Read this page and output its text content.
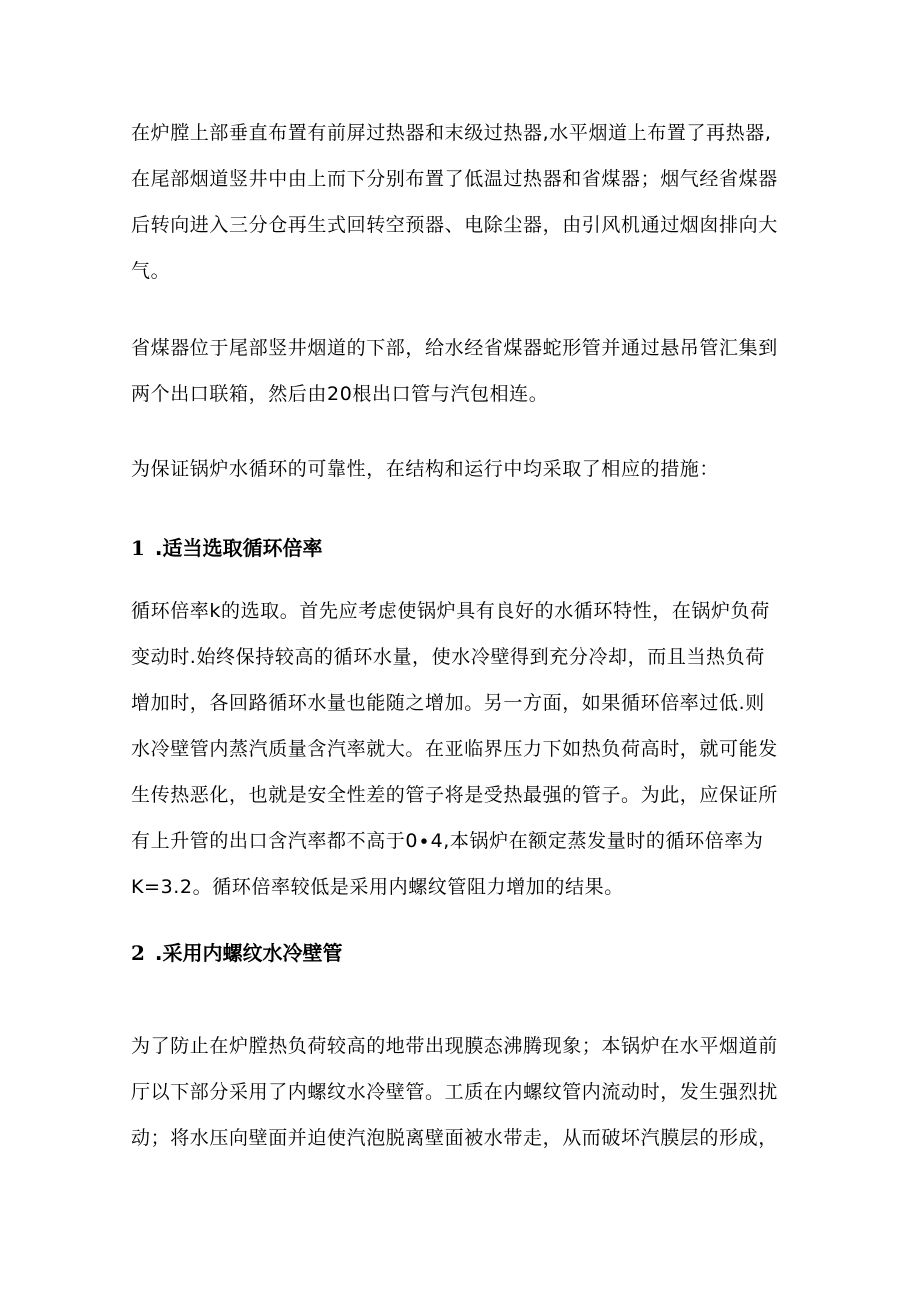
在炉膛上部垂直布置有前屏过热器和末级过热器,水平烟道上布置了再热器,
在尾部烟道竖井中由上而下分别布置了低温过热器和省煤器；烟气经省煤器
后转向进入三分仓再生式回转空预器、电除尘器，由引风机通过烟囱排向大
气。

省煤器位于尾部竖井烟道的下部，给水经省煤器蛇形管并通过悬吊管汇集到
两个出口联箱，然后由20根出口管与汽包相连。

为保证锅炉水循环的可靠性，在结构和运行中均采取了相应的措施：

1 .适当选取循环倍率

循环倍率k的选取。首先应考虑使锅炉具有良好的水循环特性，在锅炉负荷
变动时.始终保持较高的循环水量，使水冷壁得到充分冷却，而且当热负荷
增加时，各回路循环水量也能随之增加。另一方面，如果循环倍率过低.则
水冷壁管内蒸汽质量含汽率就大。在亚临界压力下如热负荷高时，就可能发
生传热恶化，也就是安全性差的管子将是受热最强的管子。为此，应保证所
有上升管的出口含汽率都不高于0∙4,本锅炉在额定蒸发量时的循环倍率为
K=3.2。循环倍率较低是采用内螺纹管阻力增加的结果。

2 .采用内螺纹水冷壁管

为了防止在炉膛热负荷较高的地带出现膜态沸腾现象；本锅炉在水平烟道前
厅以下部分采用了内螺纹水冷壁管。工质在内螺纹管内流动时，发生强烈扰
动；将水压向壁面并迫使汽泡脱离壁面被水带走，从而破坏汽膜层的形成，
